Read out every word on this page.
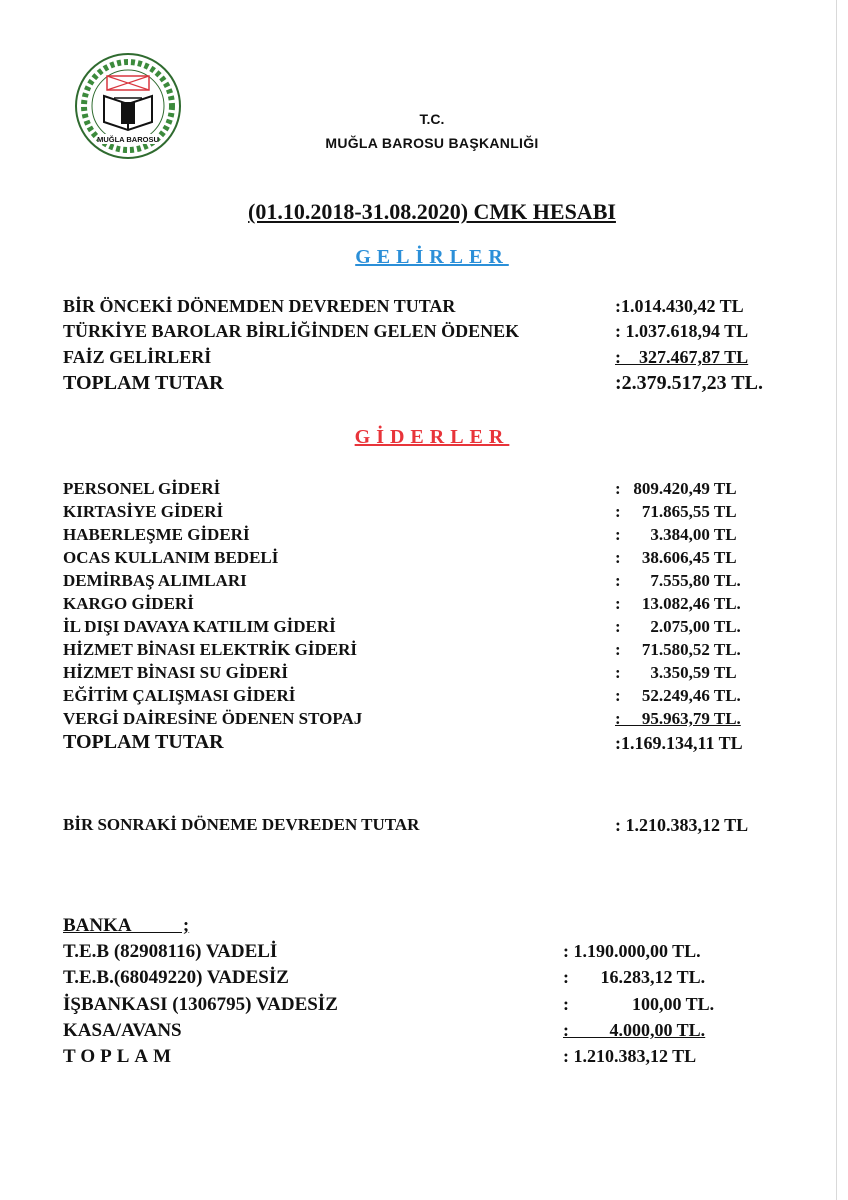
MUĞLA BAROSU
T.C.
MUĞLA BAROSU BAŞKANLIĞI
(01.10.2018-31.08.2020) CMK HESABI
GELİRLER
BİR ÖNCEKİ DÖNEMDEN DEVREDEN TUTAR	:1.014.430,42 TL
TÜRKİYE BAROLAR BİRLİĞİNDEN GELEN ÖDENEK	: 1.037.618,94 TL
FAİZ GELİRLERİ	:    327.467,87 TL
TOPLAM TUTAR	:2.379.517,23 TL.
GİDERLER
PERSONEL GİDERİ	:   809.420,49 TL
KIRTASİYE GİDERİ	:     71.865,55 TL
HABERLEŞME GİDERİ	:       3.384,00 TL
OCAS KULLANIM BEDELİ	:     38.606,45 TL
DEMİRBAŞ ALIMLARI	:       7.555,80 TL.
KARGO GİDERİ	:     13.082,46 TL.
İL DIŞI DAVAYA KATILIM GİDERİ	:       2.075,00 TL.
HİZMET BİNASI ELEKTRİK GİDERİ	:     71.580,52 TL.
HİZMET BİNASI SU GİDERİ	:       3.350,59 TL
EĞİTİM ÇALIŞMASI GİDERİ	:     52.249,46 TL.
VERGİ DAİRESİNE ÖDENEN STOPAJ	:     95.963,79 TL.
TOPLAM TUTAR	:1.169.134,11 TL
BİR SONRAKİ DÖNEME DEVREDEN TUTAR	: 1.210.383,12 TL
BANKA           ;
T.E.B (82908116) VADELİ	: 1.190.000,00 TL.
T.E.B.(68049220) VADESİZ	:       16.283,12 TL.
İŞBANKASI (1306795) VADESİZ	:              100,00 TL.
KASA/AVANS	:         4.000,00 TL.
TOPLAM	: 1.210.383,12 TL
